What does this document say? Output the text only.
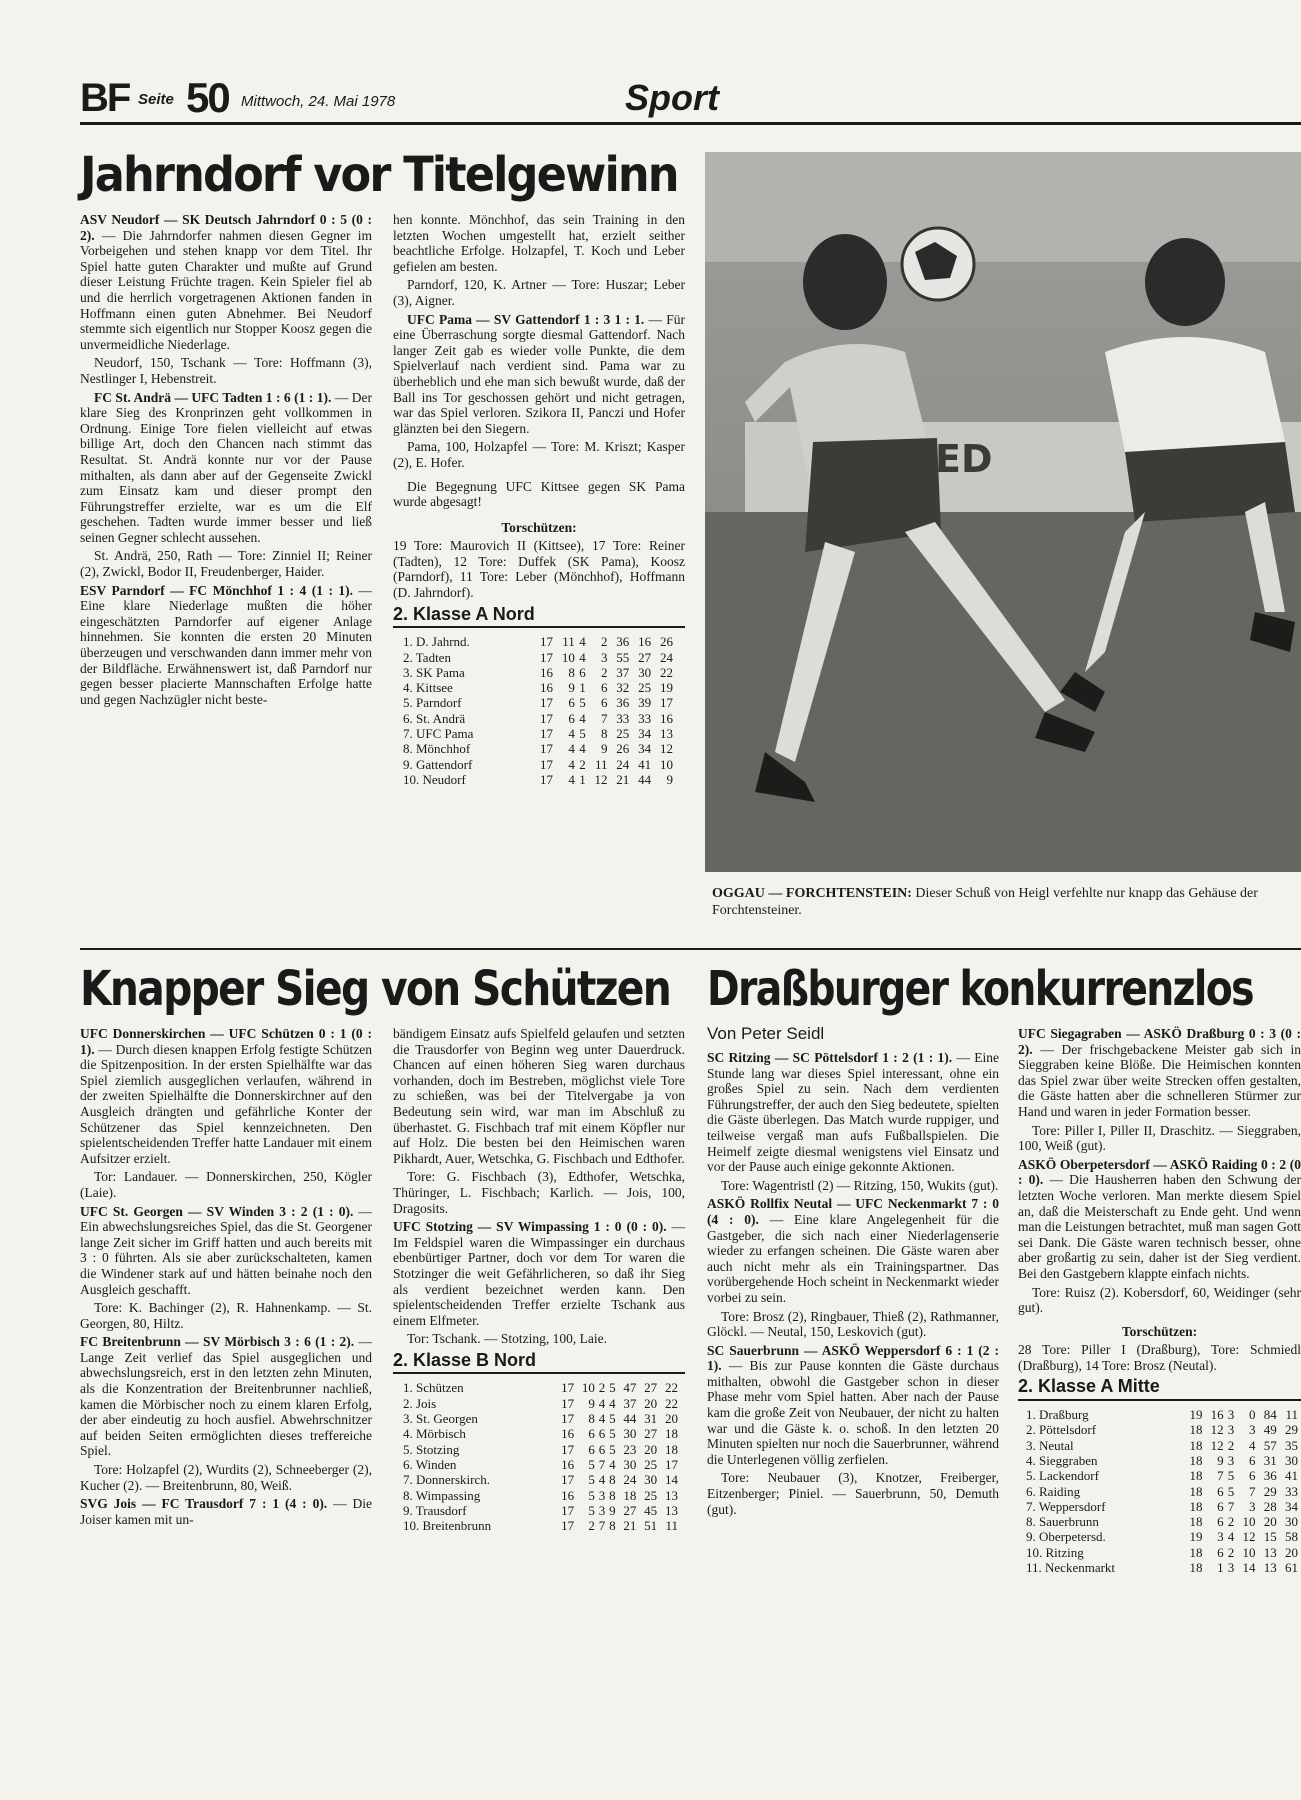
BF Seite 50 Mittwoch, 24. Mai 1978	Sport
Jahrndorf vor Titelgewinn

ASV Neudorf — SK Deutsch Jahrndorf 0 : 5 (0 : 2). — Die Jahrndorfer nahmen diesen Gegner im Vorbeigehen und stehen knapp vor dem Titel. Ihr Spiel hatte guten Charakter und mußte auf Grund dieser Leistung Früchte tragen. Kein Spieler fiel ab und die herrlich vorgetragenen Aktionen fanden in Hoffmann einen guten Abnehmer. Bei Neudorf stemmte sich eigentlich nur Stopper Koosz gegen die unvermeidliche Niederlage.

Neudorf, 150, Tschank — Tore: Hoffmann (3), Nestlinger I, Hebenstreit.

FC St. Andrä — UFC Tadten 1 : 6 (1 : 1). — Der klare Sieg des Kronprinzen geht vollkommen in Ordnung. Einige Tore fielen vielleicht auf etwas billige Art, doch den Chancen nach stimmt das Resultat. St. Andrä konnte nur vor der Pause mithalten, als dann aber auf der Gegenseite Zwickl zum Einsatz kam und dieser prompt den Führungstreffer erzielte, war es um die Elf geschehen. Tadten wurde immer besser und ließ seinen Gegner schlecht aussehen.

St. Andrä, 250, Rath — Tore: Zinniel II; Reiner (2), Zwickl, Bodor II, Freudenberger, Haider.

ESV Parndorf — FC Mönchhof 1 : 4 (1 : 1). — Eine klare Niederlage mußten die höher eingeschätzten Parndorfer auf eigener Anlage hinnehmen. Sie konnten die ersten 20 Minuten überzeugen und verschwanden dann immer mehr von der Bildfläche. Erwähnenswert ist, daß Parndorf nur gegen besser placierte Mannschaften Erfolge hatte und gegen Nachzügler nicht beste-

hen konnte. Mönchhof, das sein Training in den letzten Wochen umgestellt hat, erzielt seither beachtliche Erfolge. Holzapfel, T. Koch und Leber gefielen am besten.

Parndorf, 120, K. Artner — Tore: Huszar; Leber (3), Aigner.

UFC Pama — SV Gattendorf 1 : 3 1 : 1. — Für eine Überraschung sorgte diesmal Gattendorf. Nach langer Zeit gab es wieder volle Punkte, die dem Spielverlauf nach verdient sind. Pama war zu überheblich und ehe man sich bewußt wurde, daß der Ball ins Tor geschossen gehört und nicht getragen, war das Spiel verloren. Szikora II, Panczi und Hofer glänzten bei den Siegern.

Pama, 100, Holzapfel — Tore: M. Kriszt; Kasper (2), E. Hofer.

Die Begegnung UFC Kittsee gegen SK Pama wurde abgesagt!

Torschützen:

19 Tore: Maurovich II (Kittsee), 17 Tore: Reiner (Tadten), 12 Tore: Duffek (SK Pama), Koosz (Parndorf), 11 Tore: Leber (Mönchhof), Hoffmann (D. Jahrndorf).

2. Klasse A Nord
1. D. Jahrnd.	17	11	4	2	36	16	26
2. Tadten	17	10	4	3	55	27	24
3. SK Pama	16	8	6	2	37	30	22
4. Kittsee	16	9	1	6	32	25	19
5. Parndorf	17	6	5	6	36	39	17
6. St. Andrä	17	6	4	7	33	33	16
7. UFC Pama	17	4	5	8	25	34	13
8. Mönchhof	17	4	4	9	26	34	12
9. Gattendorf	17	4	2	11	24	41	10
10. Neudorf	17	4	1	12	21	44	9
ED
OGGAU — FORCHTENSTEIN: Dieser Schuß von Heigl verfehlte nur knapp das Gehäuse der Forchtensteiner.
Knapper Sieg von Schützen

UFC Donnerskirchen — UFC Schützen 0 : 1 (0 : 1). — Durch diesen knappen Erfolg festigte Schützen die Spitzenposition. In der ersten Spielhälfte war das Spiel ziemlich ausgeglichen verlaufen, während in der zweiten Spielhälfte die Donnerskirchner auf den Ausgleich drängten und gefährliche Konter der Schützener das Spiel kennzeichneten. Den spielentscheidenden Treffer hatte Landauer mit einem Aufsitzer erzielt.

Tor: Landauer. — Donnerskirchen, 250, Kögler (Laie).

UFC St. Georgen — SV Winden 3 : 2 (1 : 0). — Ein abwechslungsreiches Spiel, das die St. Georgener lange Zeit sicher im Griff hatten und auch bereits mit 3 : 0 führten. Als sie aber zurückschalteten, kamen die Windener stark auf und hätten beinahe noch den Ausgleich geschafft.

Tore: K. Bachinger (2), R. Hahnenkamp. — St. Georgen, 80, Hiltz.

FC Breitenbrunn — SV Mörbisch 3 : 6 (1 : 2). — Lange Zeit verlief das Spiel ausgeglichen und abwechslungsreich, erst in den letzten zehn Minuten, als die Konzentration der Breitenbrunner nachließ, kamen die Mörbischer noch zu einem klaren Erfolg, der aber eindeutig zu hoch ausfiel. Abwehrschnitzer auf beiden Seiten ermöglichten dieses treffereiche Spiel.

Tore: Holzapfel (2), Wurdits (2), Schneeberger (2), Kucher (2). — Breitenbrunn, 80, Weiß.

SVG Jois — FC Trausdorf 7 : 1 (4 : 0). — Die Joiser kamen mit un-

bändigem Einsatz aufs Spielfeld gelaufen und setzten die Trausdorfer von Beginn weg unter Dauerdruck. Chancen auf einen höheren Sieg waren durchaus vorhanden, doch im Bestreben, möglichst viele Tore zu schießen, was bei der Titelvergabe ja von Bedeutung sein wird, war man im Abschluß zu überhastet. G. Fischbach traf mit einem Köpfler nur auf Holz. Die besten bei den Heimischen waren Pikhardt, Auer, Wetschka, G. Fischbach und Edthofer.

Tore: G. Fischbach (3), Edthofer, Wetschka, Thüringer, L. Fischbach; Karlich. — Jois, 100, Dragosits.

UFC Stotzing — SV Wimpassing 1 : 0 (0 : 0). — Im Feldspiel waren die Wimpassinger ein durchaus ebenbürtiger Partner, doch vor dem Tor waren die Stotzinger die weit Gefährlicheren, so daß ihr Sieg als verdient bezeichnet werden kann. Den spielentscheidenden Treffer erzielte Tschank aus einem Elfmeter.

Tor: Tschank. — Stotzing, 100, Laie.

2. Klasse B Nord
1. Schützen	17	10	2	5	47	27	22
2. Jois	17	9	4	4	37	20	22
3. St. Georgen	17	8	4	5	44	31	20
4. Mörbisch	16	6	6	5	30	27	18
5. Stotzing	17	6	6	5	23	20	18
6. Winden	16	5	7	4	30	25	17
7. Donnerskirch.	17	5	4	8	24	30	14
8. Wimpassing	16	5	3	8	18	25	13
9. Trausdorf	17	5	3	9	27	45	13
10. Breitenbrunn	17	2	7	8	21	51	11
Draßburger konkurrenzlos
Von Peter Seidl

SC Ritzing — SC Pöttelsdorf 1 : 2 (1 : 1). — Eine Stunde lang war dieses Spiel interessant, ohne ein großes Spiel zu sein. Nach dem verdienten Führungstreffer, der auch den Sieg bedeutete, spielten die Gäste überlegen. Das Match wurde ruppiger, und teilweise vergaß man aufs Fußballspielen. Die Heimelf zeigte diesmal wenigstens viel Einsatz und vor der Pause auch einige gekonnte Aktionen.

Tore: Wagentristl (2) — Ritzing, 150, Wukits (gut).

ASKÖ Rollfix Neutal — UFC Neckenmarkt 7 : 0 (4 : 0). — Eine klare Angelegenheit für die Gastgeber, die sich nach einer Niederlagenserie wieder zu erfangen scheinen. Die Gäste waren aber auch nicht mehr als ein Trainingspartner. Das vorübergehende Hoch scheint in Neckenmarkt wieder vorbei zu sein.

Tore: Brosz (2), Ringbauer, Thieß (2), Rathmanner, Glöckl. — Neutal, 150, Leskovich (gut).

SC Sauerbrunn — ASKÖ Weppersdorf 6 : 1 (2 : 1). — Bis zur Pause konnten die Gäste durchaus mithalten, obwohl die Gastgeber schon in dieser Phase mehr vom Spiel hatten. Aber nach der Pause kam die große Zeit von Neubauer, der nicht zu halten war und die Gäste k. o. schoß. In den letzten 20 Minuten spielten nur noch die Sauerbrunner, während die Unterlegenen völlig zerfielen.

Tore: Neubauer (3), Knotzer, Freiberger, Eitzenberger; Piniel. — Sauerbrunn, 50, Demuth (gut).

UFC Siegagraben — ASKÖ Draßburg 0 : 3 (0 : 2). — Der frischgebackene Meister gab sich in Sieggraben keine Blöße. Die Heimischen konnten das Spiel zwar über weite Strecken offen gestalten, die Gäste hatten aber die schnelleren Stürmer zur Hand und waren in jeder Formation besser.

Tore: Piller I, Piller II, Draschitz. — Sieggraben, 100, Weiß (gut).

ASKÖ Oberpetersdorf — ASKÖ Raiding 0 : 2 (0 : 0). — Die Hausherren haben den Schwung der letzten Woche verloren. Man merkte diesem Spiel an, daß die Meisterschaft zu Ende geht. Und wenn man die Leistungen betrachtet, muß man sagen Gott sei Dank. Die Gäste waren technisch besser, ohne aber großartig zu sein, daher ist der Sieg verdient. Bei den Gastgebern klappte einfach nichts.

Tore: Ruisz (2). Kobersdorf, 60, Weidinger (sehr gut).

Torschützen:

28 Tore: Piller I (Draßburg), Tore: Schmiedl (Draßburg), 14 Tore: Brosz (Neutal).

2. Klasse A Mitte
1. Draßburg	19	16	3	0	84	11
2. Pöttelsdorf	18	12	3	3	49	29
3. Neutal	18	12	2	4	57	35
4. Sieggraben	18	9	3	6	31	30
5. Lackendorf	18	7	5	6	36	41
6. Raiding	18	6	5	7	29	33
7. Weppersdorf	18	6	7	3	28	34
8. Sauerbrunn	18	6	2	10	20	30
9. Oberpetersd.	19	3	4	12	15	58
10. Ritzing	18	6	2	10	13	20
11. Neckenmarkt	18	1	3	14	13	61
